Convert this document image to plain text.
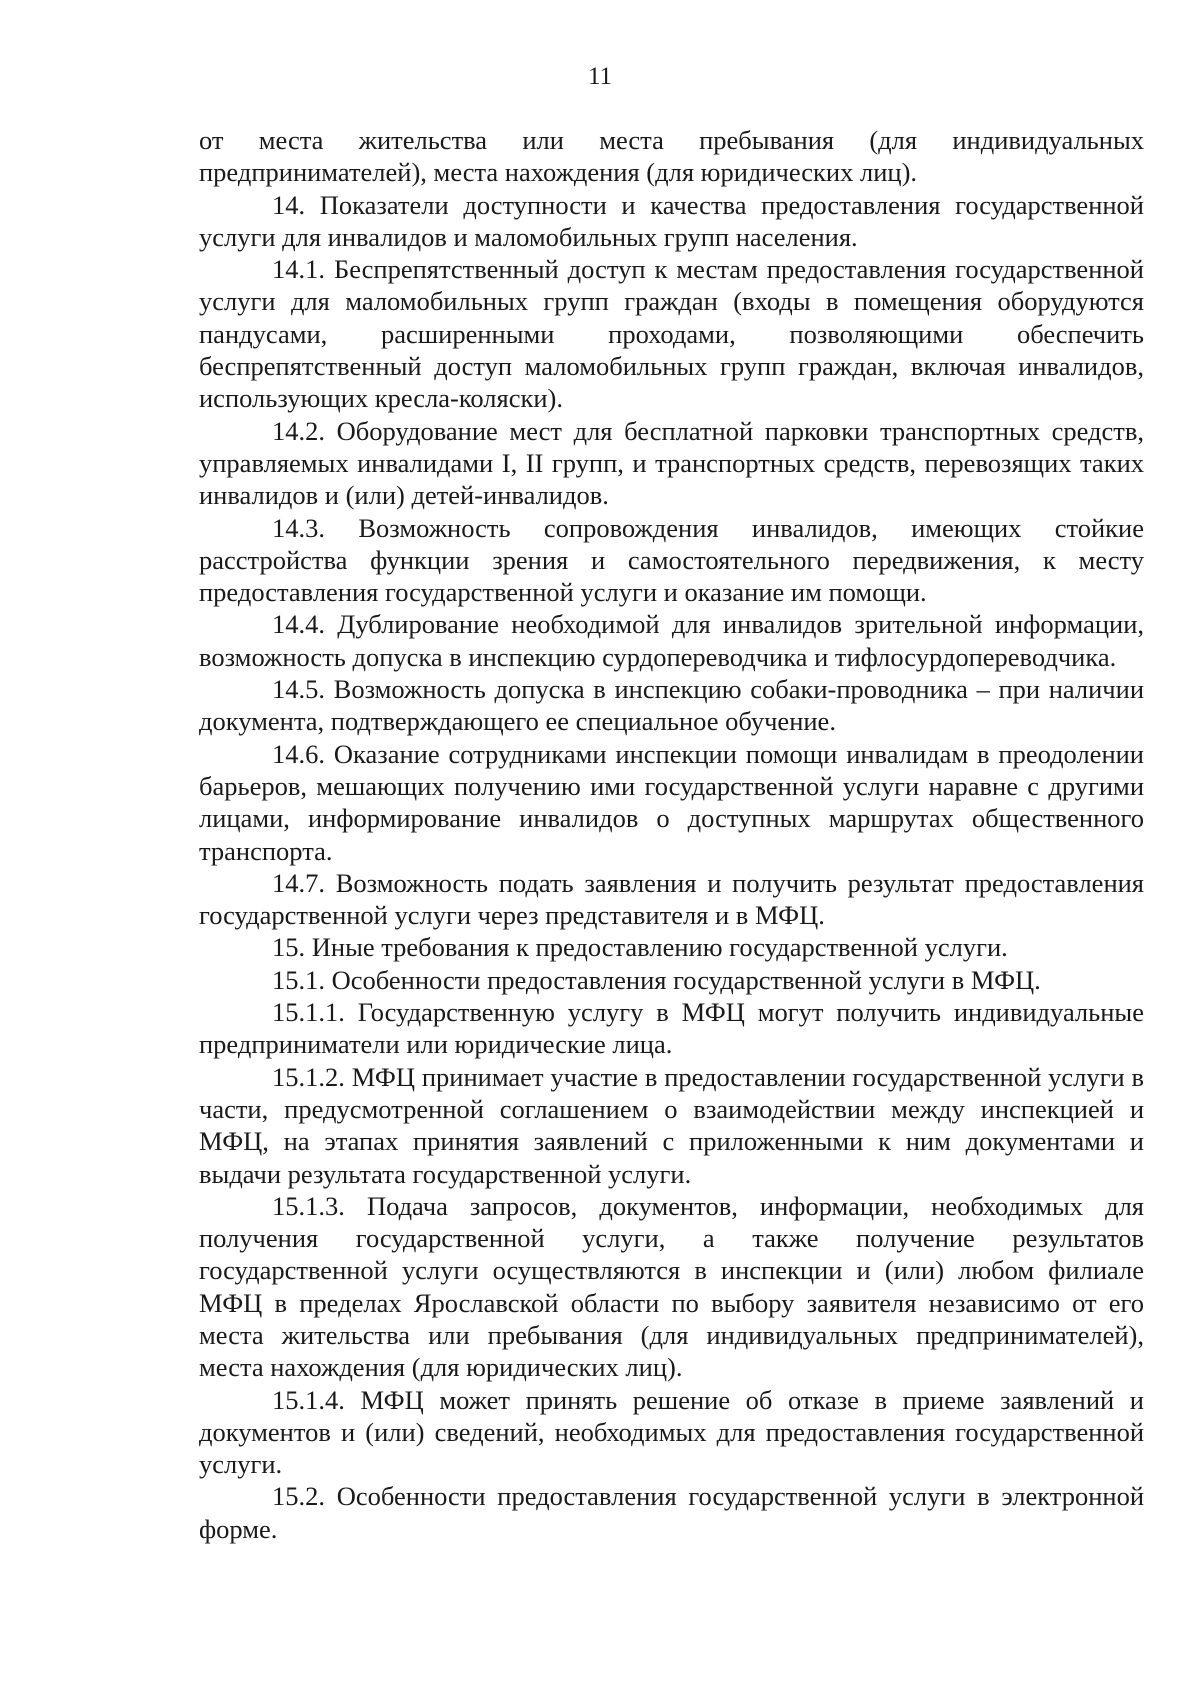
11

от места жительства или места пребывания (для индивидуальных предпринимателей), места нахождения (для юридических лиц).

14. Показатели доступности и качества предоставления государственной услуги для инвалидов и маломобильных групп населения.

14.1. Беспрепятственный доступ к местам предоставления государственной услуги для маломобильных групп граждан (входы в помещения оборудуются пандусами, расширенными проходами, позволяющими обеспечить беспрепятственный доступ маломобильных групп граждан, включая инвалидов, использующих кресла-коляски).

14.2. Оборудование мест для бесплатной парковки транспортных средств, управляемых инвалидами I, II групп, и транспортных средств, перевозящих таких инвалидов и (или) детей-инвалидов.

14.3. Возможность сопровождения инвалидов, имеющих стойкие расстройства функции зрения и самостоятельного передвижения, к месту предоставления государственной услуги и оказание им помощи.

14.4. Дублирование необходимой для инвалидов зрительной информации, возможность допуска в инспекцию сурдопереводчика и тифлосурдопереводчика.

14.5. Возможность допуска в инспекцию собаки-проводника – при наличии документа, подтверждающего ее специальное обучение.

14.6. Оказание сотрудниками инспекции помощи инвалидам в преодолении барьеров, мешающих получению ими государственной услуги наравне с другими лицами, информирование инвалидов о доступных маршрутах общественного транспорта.

14.7. Возможность подать заявления и получить результат предоставления государственной услуги через представителя и в МФЦ.

15. Иные требования к предоставлению государственной услуги.

15.1. Особенности предоставления государственной услуги в МФЦ.

15.1.1. Государственную услугу в МФЦ могут получить индивидуальные предприниматели или юридические лица.

15.1.2. МФЦ принимает участие в предоставлении государственной услуги в части, предусмотренной соглашением о взаимодействии между инспекцией и МФЦ, на этапах принятия заявлений с приложенными к ним документами и выдачи результата государственной услуги.

15.1.3. Подача запросов, документов, информации, необходимых для получения государственной услуги, а также получение результатов государственной услуги осуществляются в инспекции и (или) любом филиале МФЦ в пределах Ярославской области по выбору заявителя независимо от его места жительства или пребывания (для индивидуальных предпринимателей), места нахождения (для юридических лиц).

15.1.4. МФЦ может принять решение об отказе в приеме заявлений и документов и (или) сведений, необходимых для предоставления государственной услуги.

15.2. Особенности предоставления государственной услуги в электронной форме.
